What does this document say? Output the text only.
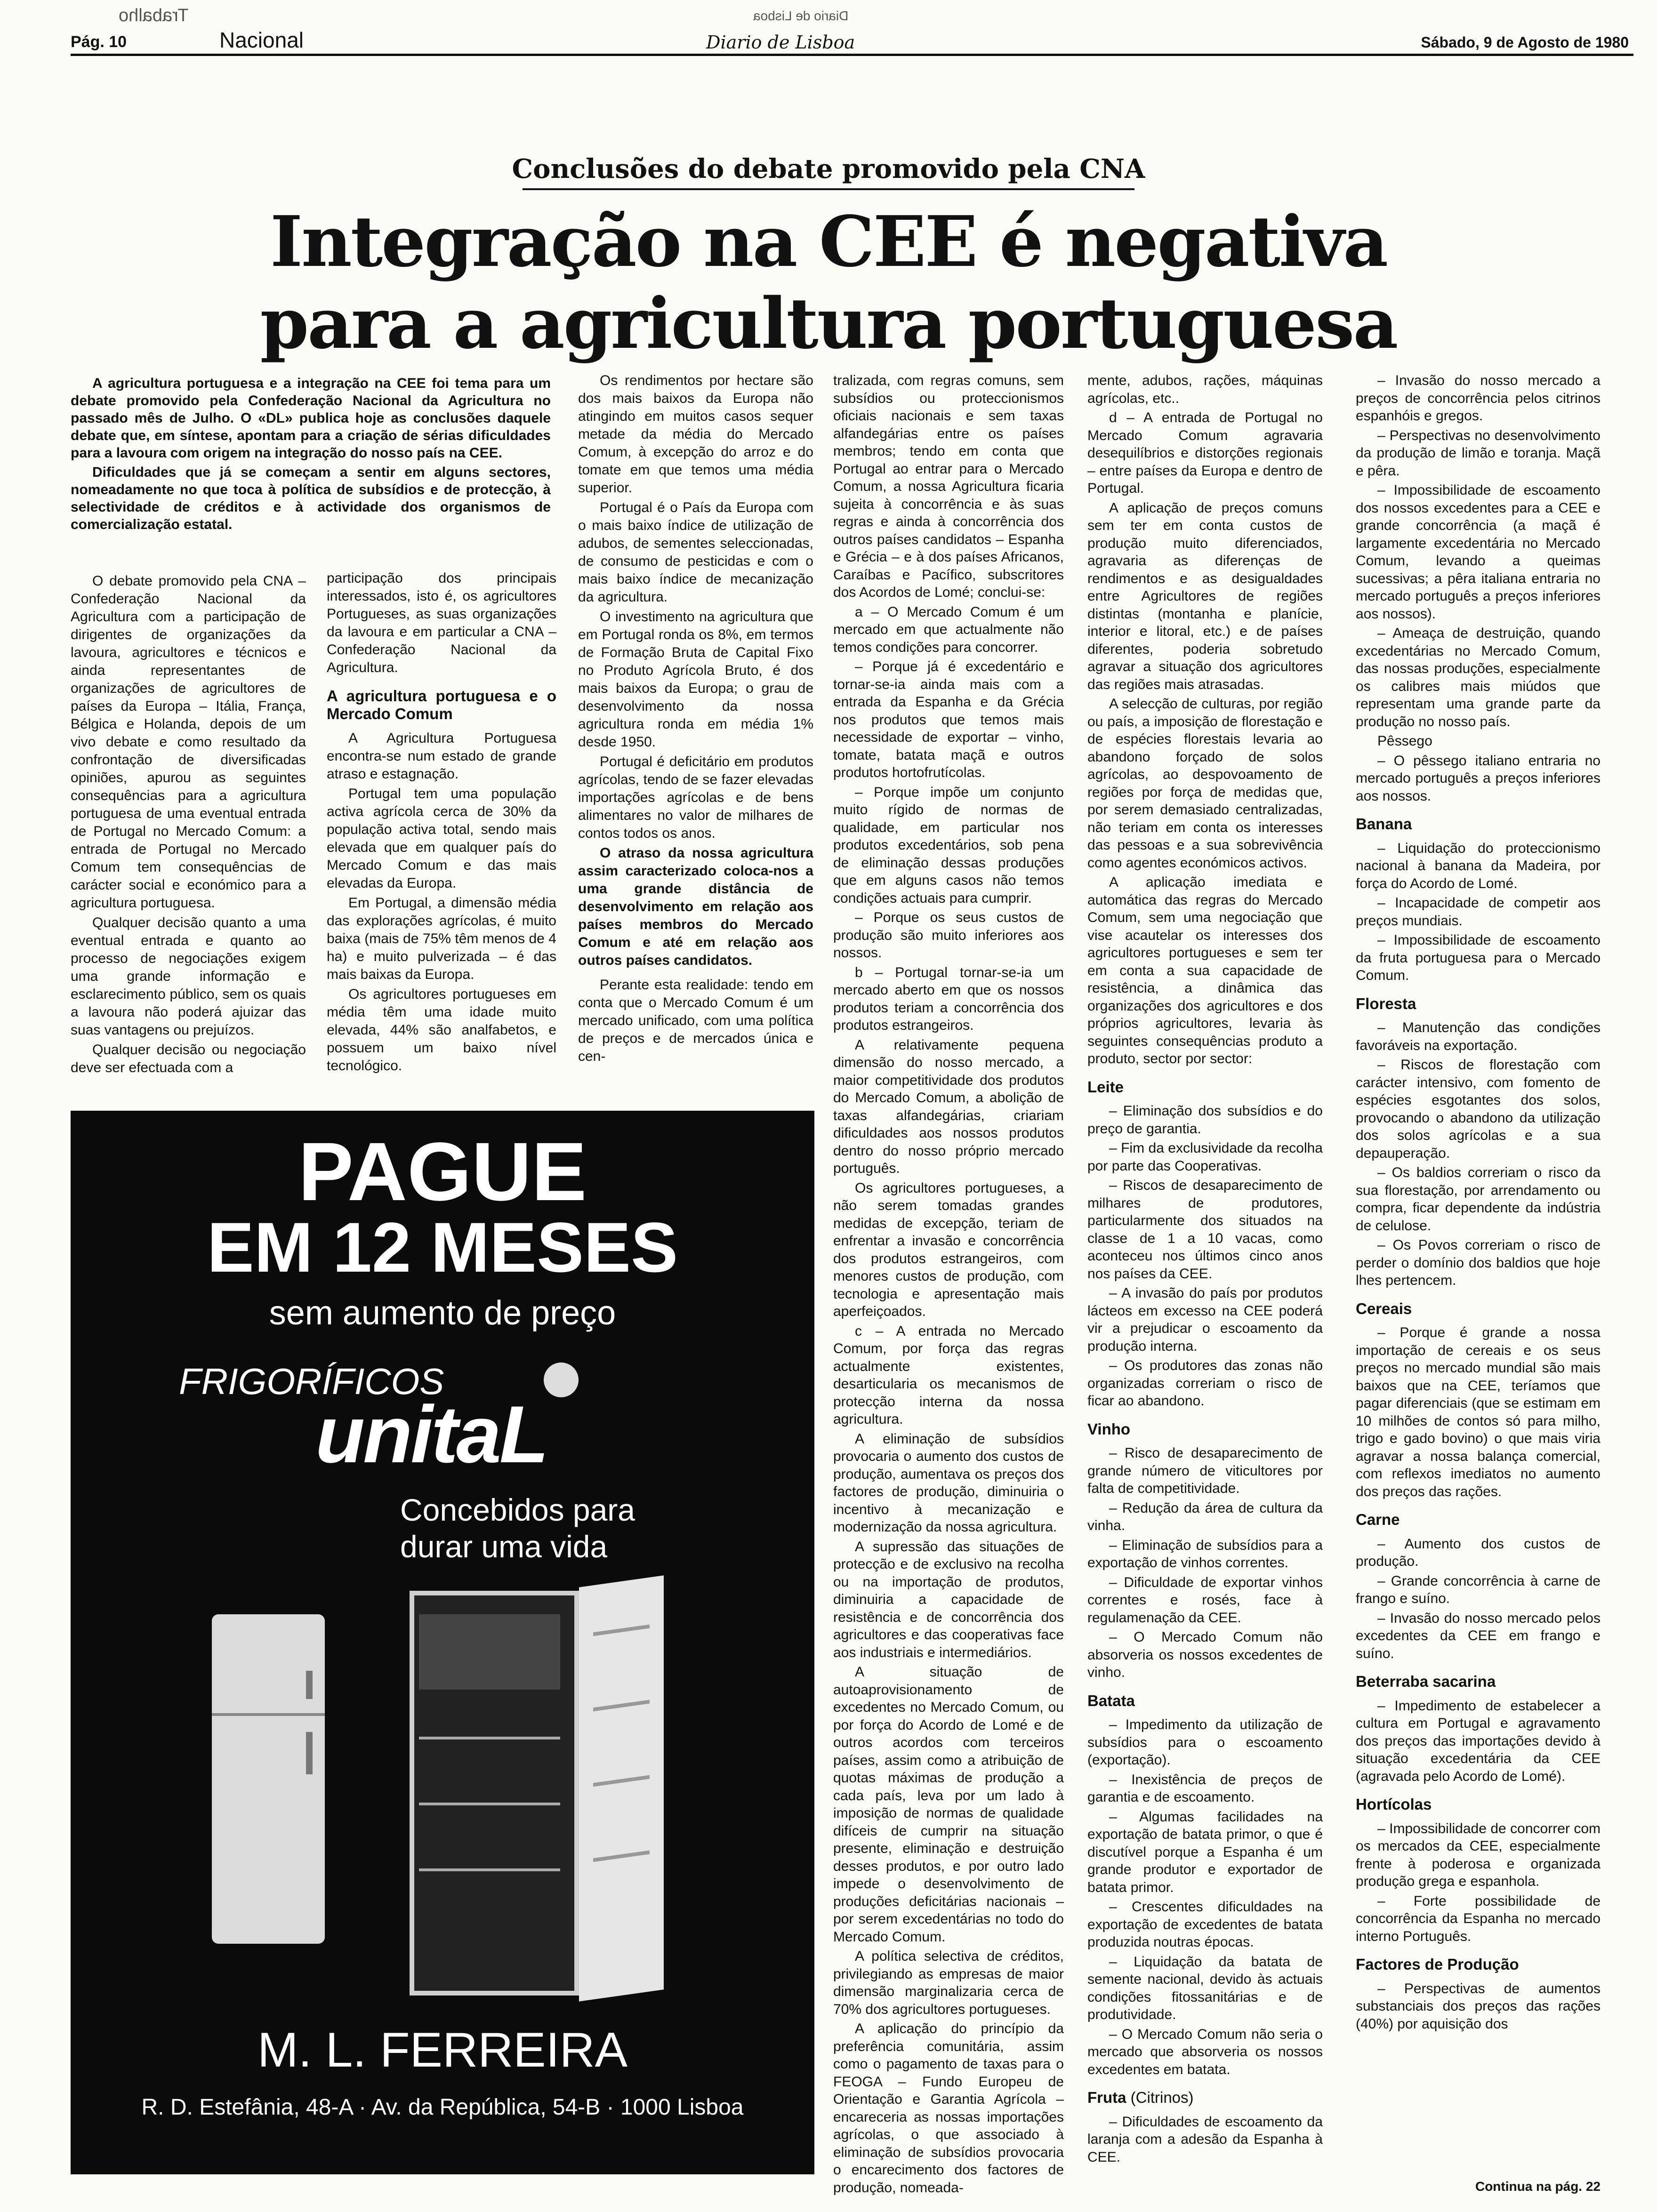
Trabalho	Diario de Lisboa
Pág. 10	Nacional	Diario de Lisboa	Sábado, 9 de Agosto de 1980
Conclusões do debate promovido pela CNA
Integração na CEE é negativa
para a agricultura portuguesa

A agricultura portuguesa e a integração na CEE foi tema para um debate promovido pela Confederação Nacional da Agricultura no passado mês de Julho. O «DL» publica hoje as conclusões daquele debate que, em síntese, apontam para a criação de sérias dificuldades para a lavoura com origem na integração do nosso país na CEE.

Dificuldades que já se começam a sentir em alguns sectores, nomeadamente no que toca à política de subsídios e de protecção, à selectividade de créditos e à actividade dos organismos de comercialização estatal.

O debate promovido pela CNA – Confederação Nacional da Agricultura com a participação de dirigentes de organizações da lavoura, agricultores e técnicos e ainda representantes de organizações de agricultores de países da Europa – Itália, França, Bélgica e Holanda, depois de um vivo debate e como resultado da confrontação de diversificadas opiniões, apurou as seguintes consequências para a agricultura portuguesa de uma eventual entrada de Portugal no Mercado Comum: a entrada de Portugal no Mercado Comum tem consequências de carácter social e económico para a agricultura portuguesa.

Qualquer decisão quanto a uma eventual entrada e quanto ao processo de negociações exigem uma grande informação e esclarecimento público, sem os quais a lavoura não poderá ajuizar das suas vantagens ou prejuízos.

Qualquer decisão ou negociação deve ser efectuada com a

participação dos principais interessados, isto é, os agricultores Portugueses, as suas organizações da lavoura e em particular a CNA – Confederação Nacional da Agricultura.

A agricultura portuguesa e o Mercado Comum

A Agricultura Portuguesa encontra-se num estado de grande atraso e estagnação.

Portugal tem uma população activa agrícola cerca de 30% da população activa total, sendo mais elevada que em qualquer país do Mercado Comum e das mais elevadas da Europa.

Em Portugal, a dimensão média das explorações agrícolas, é muito baixa (mais de 75% têm menos de 4 ha) e muito pulverizada – é das mais baixas da Europa.

Os agricultores portugueses em média têm uma idade muito elevada, 44% são analfabetos, e possuem um baixo nível tecnológico.

Os rendimentos por hectare são dos mais baixos da Europa não atingindo em muitos casos sequer metade da média do Mercado Comum, à excepção do arroz e do tomate em que temos uma média superior.

Portugal é o País da Europa com o mais baixo índice de utilização de adubos, de sementes seleccionadas, de consumo de pesticidas e com o mais baixo índice de mecanização da agricultura.

O investimento na agricultura que em Portugal ronda os 8%, em termos de Formação Bruta de Capital Fixo no Produto Agrícola Bruto, é dos mais baixos da Europa; o grau de desenvolvimento da nossa agricultura ronda em média 1% desde 1950.

Portugal é deficitário em produtos agrícolas, tendo de se fazer elevadas importações agrícolas e de bens alimentares no valor de milhares de contos todos os anos.

O atraso da nossa agricultura assim caracterizado coloca-nos a uma grande distância de desenvolvimento em relação aos países membros do Mercado Comum e até em relação aos outros países candidatos.

Perante esta realidade: tendo em conta que o Mercado Comum é um mercado unificado, com uma política de preços e de mercados única e cen-

PAGUE
EM 12 MESES
sem aumento de preço
FRIGORÍFICOS
unitaL
Concebidos para
durar uma vida
M. L. FERREIRA
R. D. Estefânia, 48-A · Av. da República, 54-B · 1000 Lisboa

tralizada, com regras comuns, sem subsídios ou proteccionismos oficiais nacionais e sem taxas alfandegárias entre os países membros; tendo em conta que Portugal ao entrar para o Mercado Comum, a nossa Agricultura ficaria sujeita à concorrência e às suas regras e ainda à concorrência dos outros países candidatos – Espanha e Grécia – e à dos países Africanos, Caraíbas e Pacífico, subscritores dos Acordos de Lomé; conclui-se:

a – O Mercado Comum é um mercado em que actualmente não temos condições para concorrer.

– Porque já é excedentário e tornar-se-ia ainda mais com a entrada da Espanha e da Grécia nos produtos que temos mais necessidade de exportar – vinho, tomate, batata maçã e outros produtos hortofrutícolas.

– Porque impõe um conjunto muito rígido de normas de qualidade, em particular nos produtos excedentários, sob pena de eliminação dessas produções que em alguns casos não temos condições actuais para cumprir.

– Porque os seus custos de produção são muito inferiores aos nossos.

b – Portugal tornar-se-ia um mercado aberto em que os nossos produtos teriam a concorrência dos produtos estrangeiros.

A relativamente pequena dimensão do nosso mercado, a maior competitividade dos produtos do Mercado Comum, a abolição de taxas alfandegárias, criariam dificuldades aos nossos produtos dentro do nosso próprio mercado português.

Os agricultores portugueses, a não serem tomadas grandes medidas de excepção, teriam de enfrentar a invasão e concorrência dos produtos estrangeiros, com menores custos de produção, com tecnologia e apresentação mais aperfeiçoados.

c – A entrada no Mercado Comum, por força das regras actualmente existentes, desarticularia os mecanismos de protecção interna da nossa agricultura.

A eliminação de subsídios provocaria o aumento dos custos de produção, aumentava os preços dos factores de produção, diminuiria o incentivo à mecanização e modernização da nossa agricultura.

A supressão das situações de protecção e de exclusivo na recolha ou na importação de produtos, diminuiria a capacidade de resistência e de concorrência dos agricultores e das cooperativas face aos industriais e intermediários.

A situação de autoaprovisionamento de excedentes no Mercado Comum, ou por força do Acordo de Lomé e de outros acordos com terceiros países, assim como a atribuição de quotas máximas de produção a cada país, leva por um lado à imposição de normas de qualidade difíceis de cumprir na situação presente, eliminação e destruição desses produtos, e por outro lado impede o desenvolvimento de produções deficitárias nacionais – por serem excedentárias no todo do Mercado Comum.

A política selectiva de créditos, privilegiando as empresas de maior dimensão marginalizaria cerca de 70% dos agricultores portugueses.

A aplicação do princípio da preferência comunitária, assim como o pagamento de taxas para o FEOGA – Fundo Europeu de Orientação e Garantia Agrícola – encareceria as nossas importações agrícolas, o que associado à eliminação de subsídios provocaria o encarecimento dos factores de produção, nomeada-

mente, adubos, rações, máquinas agrícolas, etc..

d – A entrada de Portugal no Mercado Comum agravaria desequilíbrios e distorções regionais – entre países da Europa e dentro de Portugal.

A aplicação de preços comuns sem ter em conta custos de produção muito diferenciados, agravaria as diferenças de rendimentos e as desigualdades entre Agricultores de regiões distintas (montanha e planície, interior e litoral, etc.) e de países diferentes, poderia sobretudo agravar a situação dos agricultores das regiões mais atrasadas.

A selecção de culturas, por região ou país, a imposição de florestação e de espécies florestais levaria ao abandono forçado de solos agrícolas, ao despovoamento de regiões por força de medidas que, por serem demasiado centralizadas, não teriam em conta os interesses das pessoas e a sua sobrevivência como agentes económicos activos.

A aplicação imediata e automática das regras do Mercado Comum, sem uma negociação que vise acautelar os interesses dos agricultores portugueses e sem ter em conta a sua capacidade de resistência, a dinâmica das organizações dos agricultores e dos próprios agricultores, levaria às seguintes consequências produto a produto, sector por sector:

Leite

– Eliminação dos subsídios e do preço de garantia.

– Fim da exclusividade da recolha por parte das Cooperativas.

– Riscos de desaparecimento de milhares de produtores, particularmente dos situados na classe de 1 a 10 vacas, como aconteceu nos últimos cinco anos nos países da CEE.

– A invasão do país por produtos lácteos em excesso na CEE poderá vir a prejudicar o escoamento da produção interna.

– Os produtores das zonas não organizadas correriam o risco de ficar ao abandono.

Vinho

– Risco de desaparecimento de grande número de viticultores por falta de competitividade.

– Redução da área de cultura da vinha.

– Eliminação de subsídios para a exportação de vinhos correntes.

– Dificuldade de exportar vinhos correntes e rosés, face à regulamenação da CEE.

– O Mercado Comum não absorveria os nossos excedentes de vinho.

Batata

– Impedimento da utilização de subsídios para o escoamento (exportação).

– Inexistência de preços de garantia e de escoamento.

– Algumas facilidades na exportação de batata primor, o que é discutível porque a Espanha é um grande produtor e exportador de batata primor.

– Crescentes dificuldades na exportação de excedentes de batata produzida noutras épocas.

– Liquidação da batata de semente nacional, devido às actuais condições fitossanitárias e de produtividade.

– O Mercado Comum não seria o mercado que absorveria os nossos excedentes em batata.

Fruta (Citrinos)

– Dificuldades de escoamento da laranja com a adesão da Espanha à CEE.

– Invasão do nosso mercado a preços de concorrência pelos citrinos espanhóis e gregos.

– Perspectivas no desenvolvimento da produção de limão e toranja. Maçã e pêra.

– Impossibilidade de escoamento dos nossos excedentes para a CEE e grande concorrência (a maçã é largamente excedentária no Mercado Comum, levando a queimas sucessivas; a pêra italiana entraria no mercado português a preços inferiores aos nossos).

– Ameaça de destruição, quando excedentárias no Mercado Comum, das nossas produções, especialmente os calibres mais miúdos que representam uma grande parte da produção no nosso país.

Pêssego

– O pêssego italiano entraria no mercado português a preços inferiores aos nossos.

Banana

– Liquidação do proteccionismo nacional à banana da Madeira, por força do Acordo de Lomé.

– Incapacidade de competir aos preços mundiais.

– Impossibilidade de escoamento da fruta portuguesa para o Mercado Comum.

Floresta

– Manutenção das condições favoráveis na exportação.

– Riscos de florestação com carácter intensivo, com fomento de espécies esgotantes dos solos, provocando o abandono da utilização dos solos agrícolas e a sua depauperação.

– Os baldios correriam o risco da sua florestação, por arrendamento ou compra, ficar dependente da indústria de celulose.

– Os Povos correriam o risco de perder o domínio dos baldios que hoje lhes pertencem.

Cereais

– Porque é grande a nossa importação de cereais e os seus preços no mercado mundial são mais baixos que na CEE, teríamos que pagar diferenciais (que se estimam em 10 milhões de contos só para milho, trigo e gado bovino) o que mais viria agravar a nossa balança comercial, com reflexos imediatos no aumento dos preços das rações.

Carne

– Aumento dos custos de produção.

– Grande concorrência à carne de frango e suíno.

– Invasão do nosso mercado pelos excedentes da CEE em frango e suíno.

Beterraba sacarina

– Impedimento de estabelecer a cultura em Portugal e agravamento dos preços das importações devido à situação excedentária da CEE (agravada pelo Acordo de Lomé).

Hortícolas

– Impossibilidade de concorrer com os mercados da CEE, especialmente frente à poderosa e organizada produção grega e espanhola.

– Forte possibilidade de concorrência da Espanha no mercado interno Português.

Factores de Produção

– Perspectivas de aumentos substanciais dos preços das rações (40%) por aquisição dos

Continua na pág. 22
